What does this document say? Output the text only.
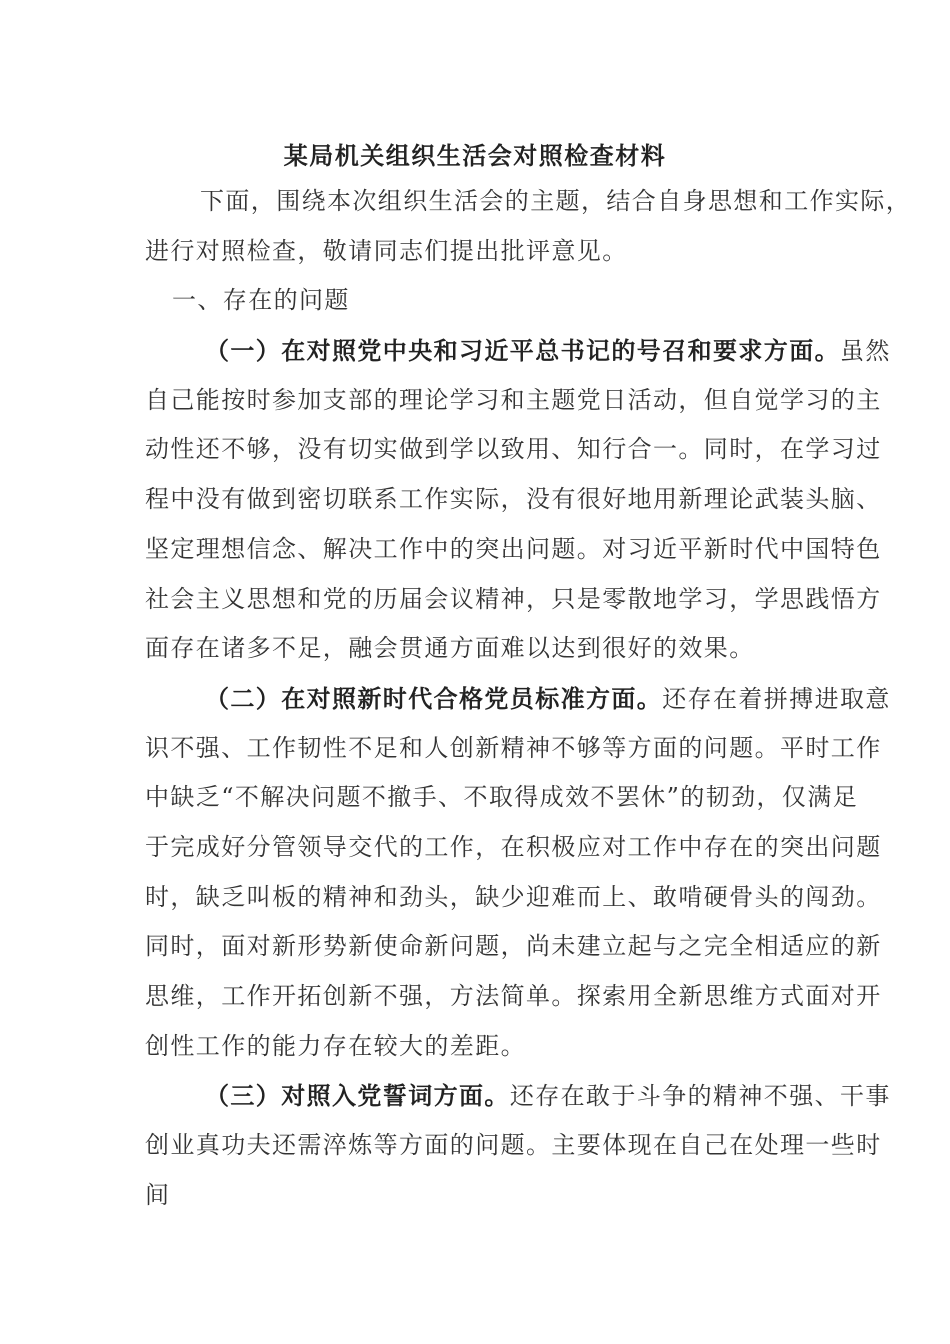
某局机关组织生活会对照检查材料
下面，围绕本次组织生活会的主题，结合自身思想和工作实际，
进行对照检查，敬请同志们提出批评意见。
一、存在的问题
（一）在对照党中央和习近平总书记的号召和要求方面。虽然
自己能按时参加支部的理论学习和主题党日活动，但自觉学习的主
动性还不够，没有切实做到学以致用、知行合一。同时，在学习过
程中没有做到密切联系工作实际，没有很好地用新理论武装头脑、
坚定理想信念、解决工作中的突出问题。对习近平新时代中国特色
社会主义思想和党的历届会议精神，只是零散地学习，学思践悟方
面存在诸多不足，融会贯通方面难以达到很好的效果。
（二）在对照新时代合格党员标准方面。还存在着拼搏进取意
识不强、工作韧性不足和人创新精神不够等方面的问题。平时工作
中缺乏“不解决问题不撤手、不取得成效不罢休”的韧劲，仅满足
于完成好分管领导交代的工作，在积极应对工作中存在的突出问题
时，缺乏叫板的精神和劲头，缺少迎难而上、敢啃硬骨头的闯劲。
同时，面对新形势新使命新问题，尚未建立起与之完全相适应的新
思维，工作开拓创新不强，方法简单。探索用全新思维方式面对开
创性工作的能力存在较大的差距。
（三）对照入党誓词方面。还存在敢于斗争的精神不强、干事
创业真功夫还需淬炼等方面的问题。主要体现在自己在处理一些时
间
